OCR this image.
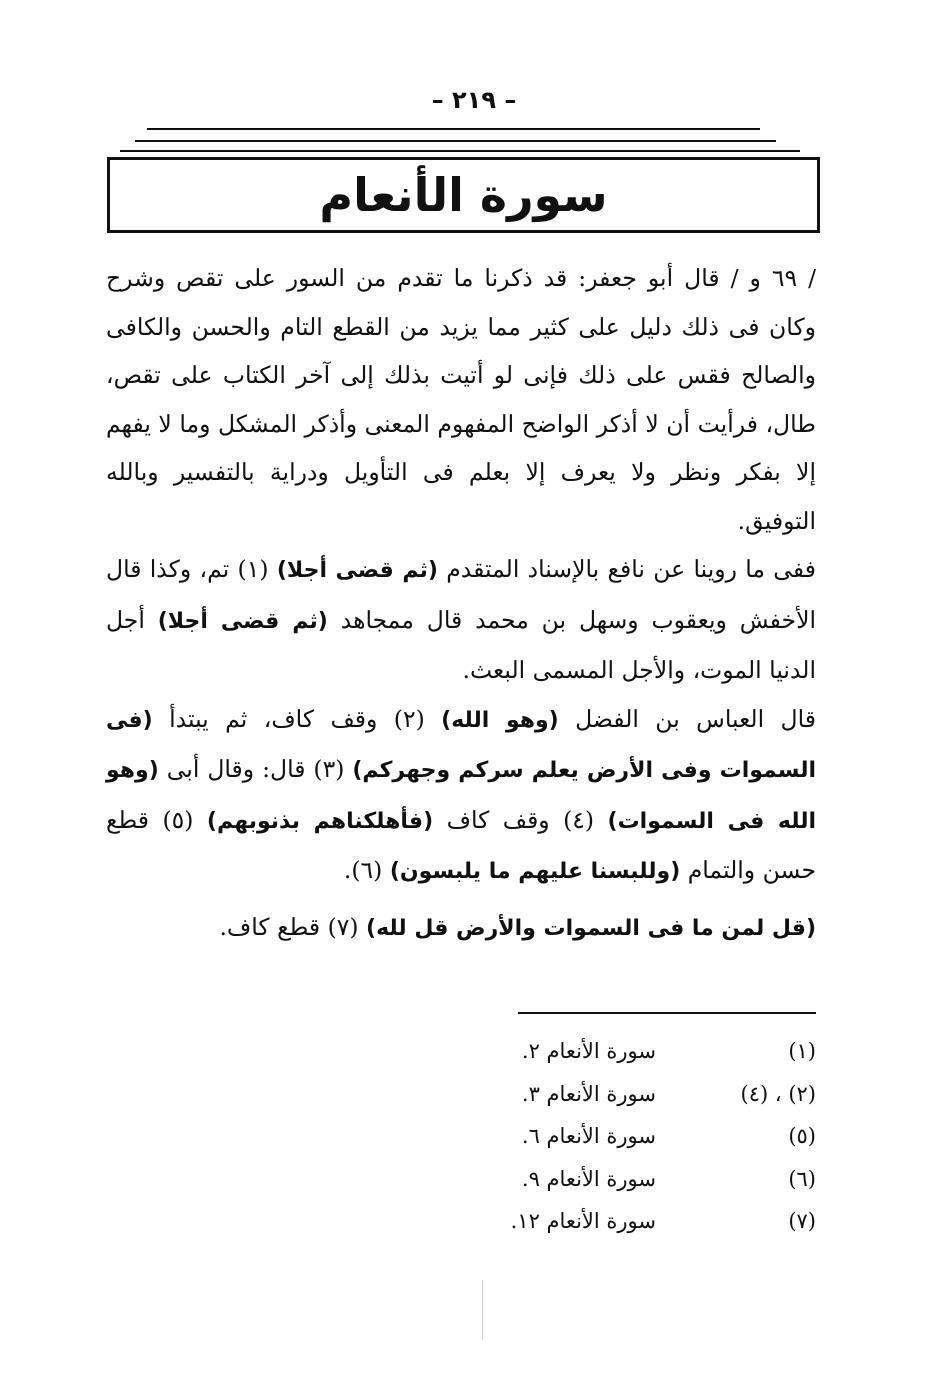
– ٢١٩ –
سورة الأنعام

/ ٦٩ و / قال أبو جعفر: قد ذكرنا ما تقدم من السور على تقص وشرح وكان فى ذلك دليل على كثير مما يزيد من القطع التام والحسن والكافى والصالح فقس على ذلك فإنى لو أتيت بذلك إلى آخر الكتاب على تقص، طال، فرأيت أن لا أذكر الواضح المفهوم المعنى وأذكر المشكل وما لا يفهم إلا بفكر ونظر ولا يعرف إلا بعلم فى التأويل ودراية بالتفسير وبالله التوفيق.

ففى ما روينا عن نافع بالإسناد المتقدم (ثم قضى أجلا) (١) تم، وكذا قال الأخفش ويعقوب وسهل بن محمد قال ممجاهد (ثم قضى أجلا) أجل الدنيا الموت، والأجل المسمى البعث.

قال العباس بن الفضل (وهو الله) (٢) وقف كاف، ثم يبتدأ (فى السموات وفى الأرض يعلم سركم وجهركم) (٣) قال: وقال أبى (وهو الله فى السموات) (٤) وقف كاف (فأهلكناهم بذنوبهم) (٥) قطع حسن والتمام (وللبسنا عليهم ما يلبسون) (٦).

(قل لمن ما فى السموات والأرض قل لله) (٧) قطع كاف.

(١)
سورة الأنعام ٢.
(٢) ، (٤)
سورة الأنعام ٣.
(٥)
سورة الأنعام ٦.
(٦)
سورة الأنعام ٩.
(٧)
سورة الأنعام ١٢.
